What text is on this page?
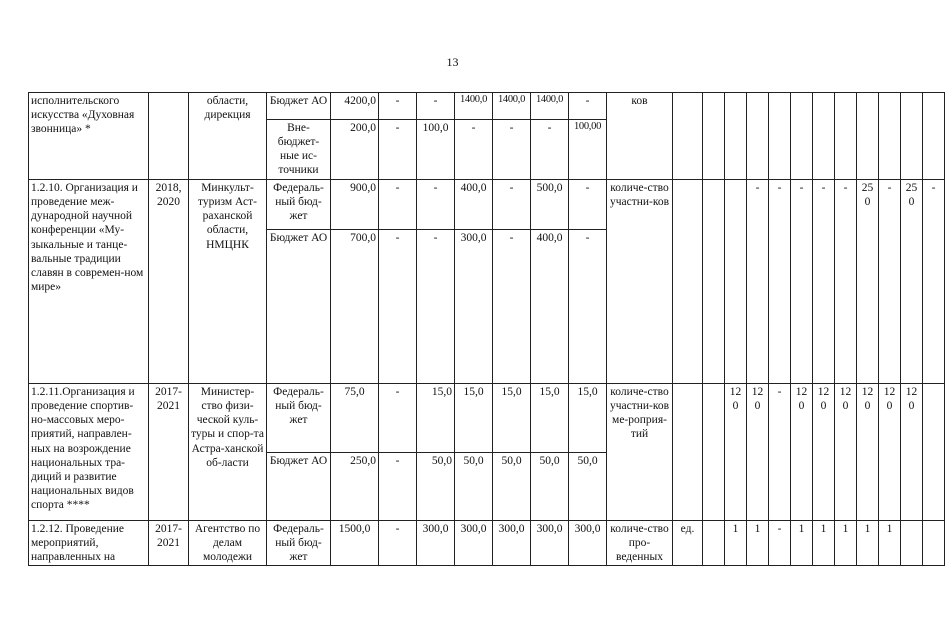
13
исполнительского искусства «Духовная звонница» *		области, дирекция	Бюджет АО	4200,0	-	-	1400,0	1400,0	1400,0	-	ков												
			Вне-бюджет-ные ис-точники	200,0	-	100,0	-	-	-	100,00													
1.2.10. Организация и проведение меж-дународной научной конференции «Му-зыкальные и танце-вальные традиции славян в современ-ном мире»	2018, 2020	Минкульт-туризм Аст-раханской области, НМЦНК	Федераль-ный бюд-жет	900,0	-	-	400,0	-	500,0	-	количе-ство участни-ков				-	-	-	-	-	250	-	250	-
			Бюджет АО	700,0	-	-	300,0	-	400,0	-													
1.2.11.Организация и проведение спортив-но-массовых меро-приятий, направлен-ных на возрождение национальных тра-диций и развитие национальных видов спорта ****	2017-2021	Министер-ство физи-ческой куль-туры и спор-та Астра-ханской об-ласти	Федераль-ный бюд-жет	75,0	-	15,0	15,0	15,0	15,0	15,0	количе-ство участни-ков ме-роприя-тий			120	120	-	120	120	120	120	120	120	
			Бюджет АО	250,0	-	50,0	50,0	50,0	50,0	50,0													
1.2.12. Проведение мероприятий, направленных на	2017-2021	Агентство по делам молодежи	Федераль-ный бюд-жет	1500,0	-	300,0	300,0	300,0	300,0	300,0	количе-ство про-веденных	ед.		1	1	-	1	1	1	1	1		
